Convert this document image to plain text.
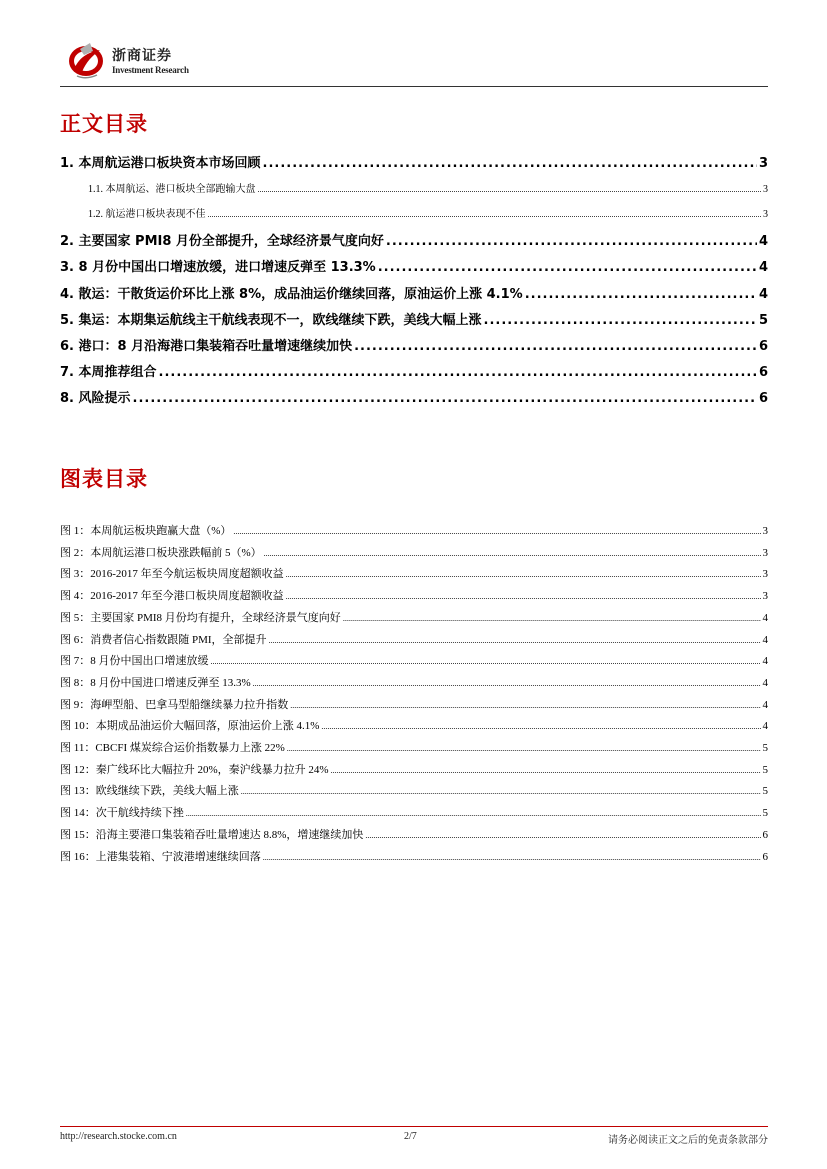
浙商证券
Investment Research
正文目录
1. 本周航运港口板块资本市场回顾 .....	3
1.1. 本周航运、港口板块全部跑输大盘 .....	3
1.2. 航运港口板块表现不佳 .....	3
2. 主要国家 PMI8 月份全部提升，全球经济景气度向好 .....	4
3. 8 月份中国出口增速放缓，进口增速反弹至 13.3% .....	4
4. 散运：干散货运价环比上涨 8%，成品油运价继续回落，原油运价上涨 4.1% .....	4
5. 集运：本期集运航线主干航线表现不一，欧线继续下跌，美线大幅上涨 .....	5
6. 港口：8 月沿海港口集装箱吞吐量增速继续加快 .....	6
7. 本周推荐组合 .....	6
8. 风险提示 .....	6
图表目录
图 1：本周航运板块跑赢大盘（%） .....	3
图 2：本周航运港口板块涨跌幅前 5（%） .....	3
图 3：2016-2017 年至今航运板块周度超额收益 .....	3
图 4：2016-2017 年至今港口板块周度超额收益 .....	3
图 5：主要国家 PMI8 月份均有提升，全球经济景气度向好 .....	4
图 6：消费者信心指数跟随 PMI，全部提升 .....	4
图 7：8 月份中国出口增速放缓 .....	4
图 8：8 月份中国进口增速反弹至 13.3% .....	4
图 9：海岬型船、巴拿马型船继续暴力拉升指数 .....	4
图 10：本期成品油运价大幅回落，原油运价上涨 4.1% .....	4
图 11：CBCFI 煤炭综合运价指数暴力上涨 22% .....	5
图 12：秦广线环比大幅拉升 20%，秦沪线暴力拉升 24% .....	5
图 13：欧线继续下跌，美线大幅上涨 .....	5
图 14：次干航线持续下挫 .....	5
图 15：沿海主要港口集装箱吞吐量增速达 8.8%，增速继续加快 .....	6
图 16：上港集装箱、宁波港增速继续回落 .....	6
http://research.stocke.com.cn	2/7	请务必阅读正文之后的免责条款部分
